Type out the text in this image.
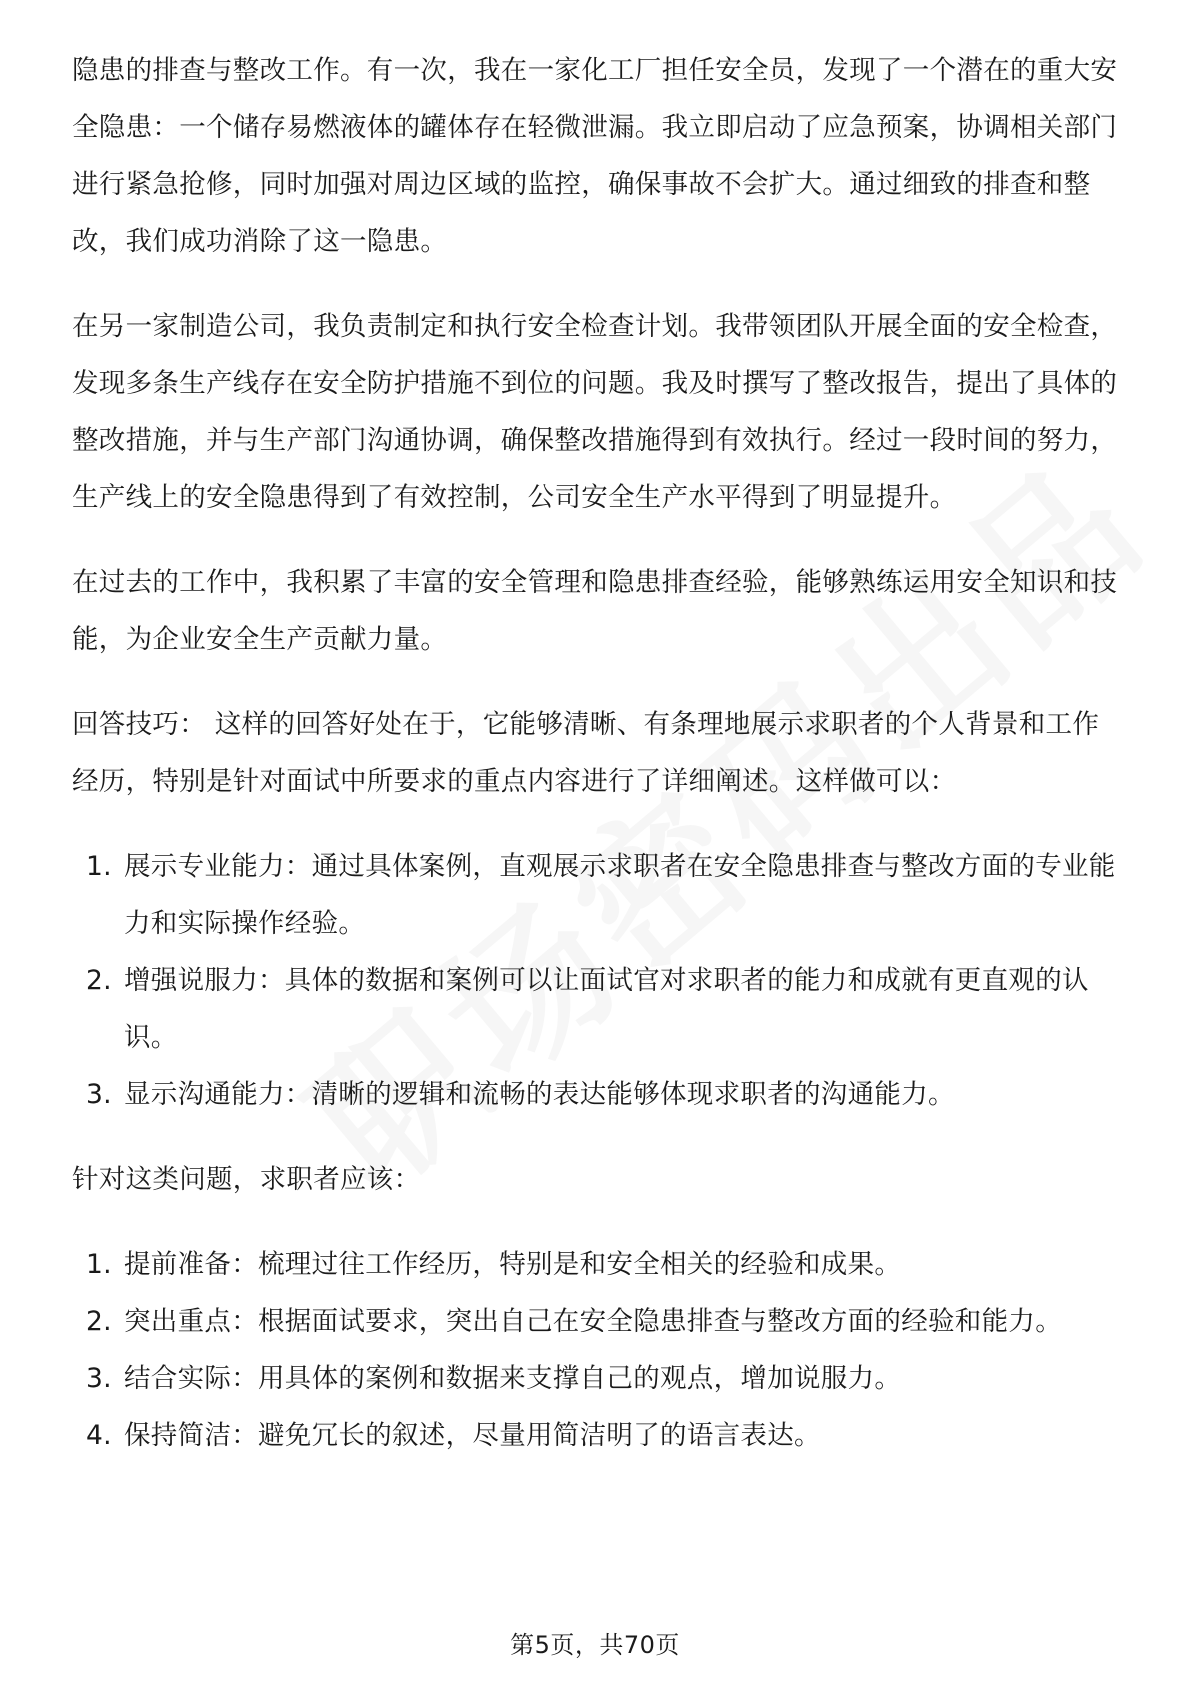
隐患的排查与整改工作。有一次，我在一家化工厂担任安全员，发现了一个潜在的重大安全隐患：一个储存易燃液体的罐体存在轻微泄漏。我立即启动了应急预案，协调相关部门进行紧急抢修，同时加强对周边区域的监控，确保事故不会扩大。通过细致的排查和整改，我们成功消除了这一隐患。

在另一家制造公司，我负责制定和执行安全检查计划。我带领团队开展全面的安全检查，发现多条生产线存在安全防护措施不到位的问题。我及时撰写了整改报告，提出了具体的整改措施，并与生产部门沟通协调，确保整改措施得到有效执行。经过一段时间的努力，生产线上的安全隐患得到了有效控制，公司安全生产水平得到了明显提升。

在过去的工作中，我积累了丰富的安全管理和隐患排查经验，能够熟练运用安全知识和技能，为企业安全生产贡献力量。

回答技巧： 这样的回答好处在于，它能够清晰、有条理地展示求职者的个人背景和工作经历，特别是针对面试中所要求的重点内容进行了详细阐述。这样做可以：

1. 展示专业能力：通过具体案例，直观展示求职者在安全隐患排查与整改方面的专业能力和实际操作经验。
2. 增强说服力：具体的数据和案例可以让面试官对求职者的能力和成就有更直观的认识。
3. 显示沟通能力：清晰的逻辑和流畅的表达能够体现求职者的沟通能力。

针对这类问题，求职者应该：

1. 提前准备：梳理过往工作经历，特别是和安全相关的经验和成果。
2. 突出重点：根据面试要求，突出自己在安全隐患排查与整改方面的经验和能力。
3. 结合实际：用具体的案例和数据来支撑自己的观点，增加说服力。
4. 保持简洁：避免冗长的叙述，尽量用简洁明了的语言表达。
第5页，共70页
